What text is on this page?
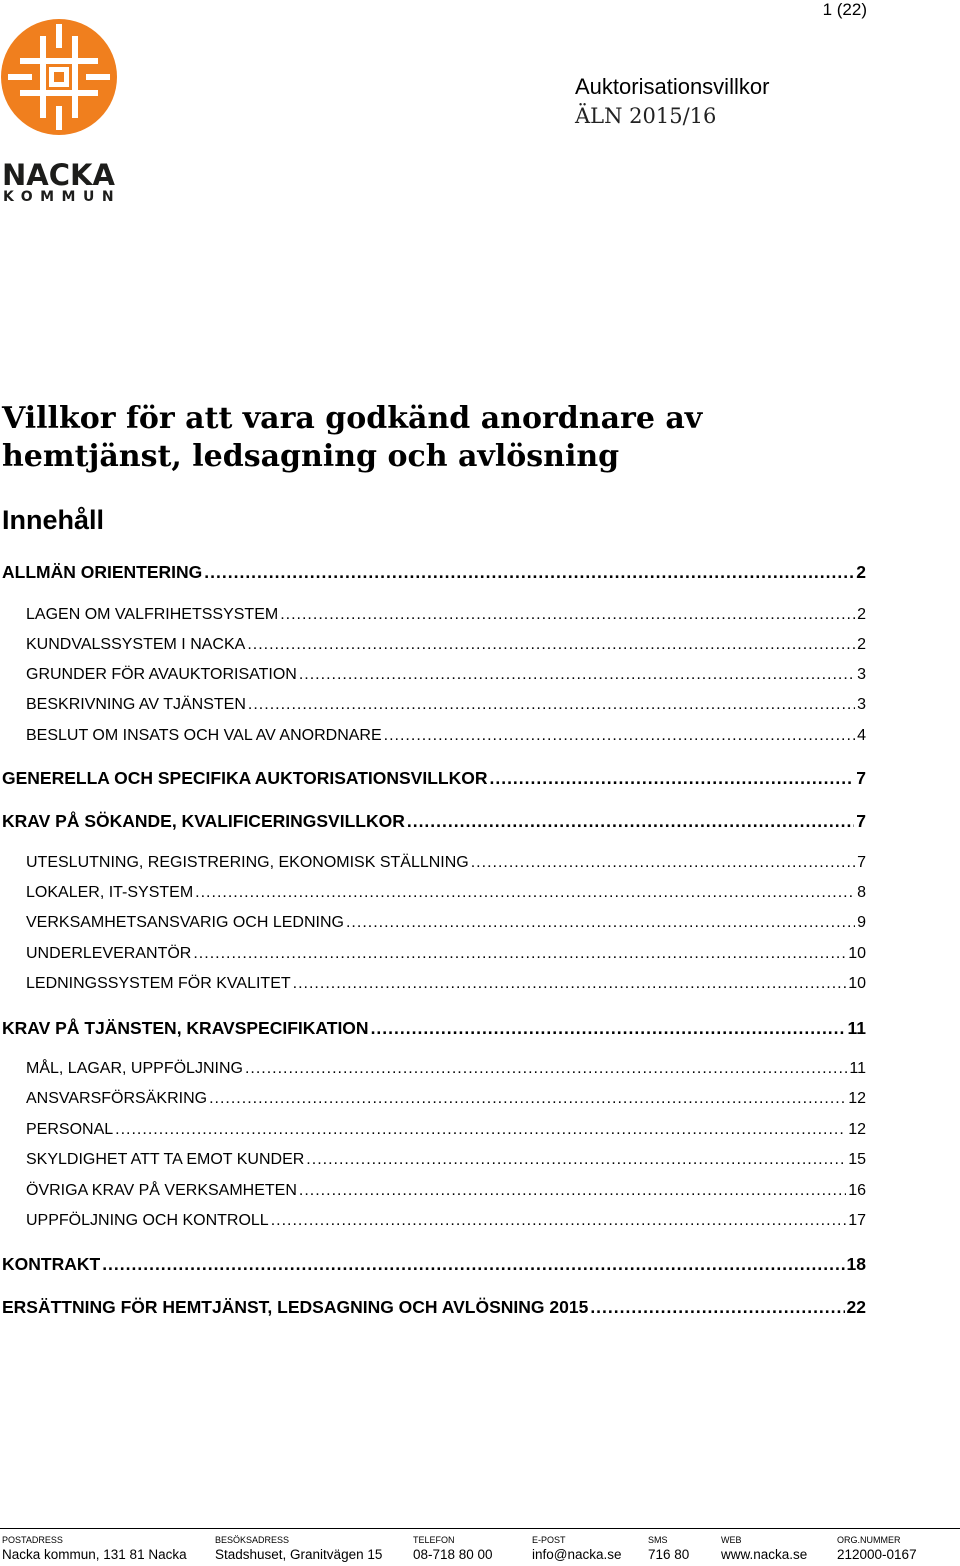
1 (22)
NACKA
KOMMUN
Auktorisationsvillkor
ÄLN 2015/16
Villkor för att vara godkänd anordnare av hemtjänst, ledsagning och avlösning
Innehåll
ALLMÄN ORIENTERING .....	2
LAGEN OM VALFRIHETSSYSTEM .....	2
KUNDVALSSYSTEM I NACKA .....	2
GRUNDER FÖR AVAUKTORISATION .....	3
BESKRIVNING AV TJÄNSTEN .....	3
BESLUT OM INSATS OCH VAL AV ANORDNARE .....	4
GENERELLA OCH SPECIFIKA AUKTORISATIONSVILLKOR .....	7
KRAV PÅ SÖKANDE, KVALIFICERINGSVILLKOR .....	7
UTESLUTNING, REGISTRERING, EKONOMISK STÄLLNING .....	7
LOKALER, IT-SYSTEM .....	8
VERKSAMHETSANSVARIG OCH LEDNING .....	9
UNDERLEVERANTÖR .....	10
LEDNINGSSYSTEM FÖR KVALITET .....	10
KRAV PÅ TJÄNSTEN, KRAVSPECIFIKATION .....	11
MÅL, LAGAR, UPPFÖLJNING .....	11
ANSVARSFÖRSÄKRING .....	12
PERSONAL .....	12
SKYLDIGHET ATT TA EMOT KUNDER .....	15
ÖVRIGA KRAV PÅ VERKSAMHETEN .....	16
UPPFÖLJNING OCH KONTROLL .....	17
KONTRAKT .....	18
ERSÄTTNING FÖR HEMTJÄNST, LEDSAGNING OCH AVLÖSNING 2015 .....	22
POSTADRESS
Nacka kommun, 131 81 Nacka
BESÖKSADRESS
Stadshuset, Granitvägen 15
TELEFON
08-718 80 00
E-POST
info@nacka.se
SMS
716 80
WEB
www.nacka.se
ORG.NUMMER
212000-0167
